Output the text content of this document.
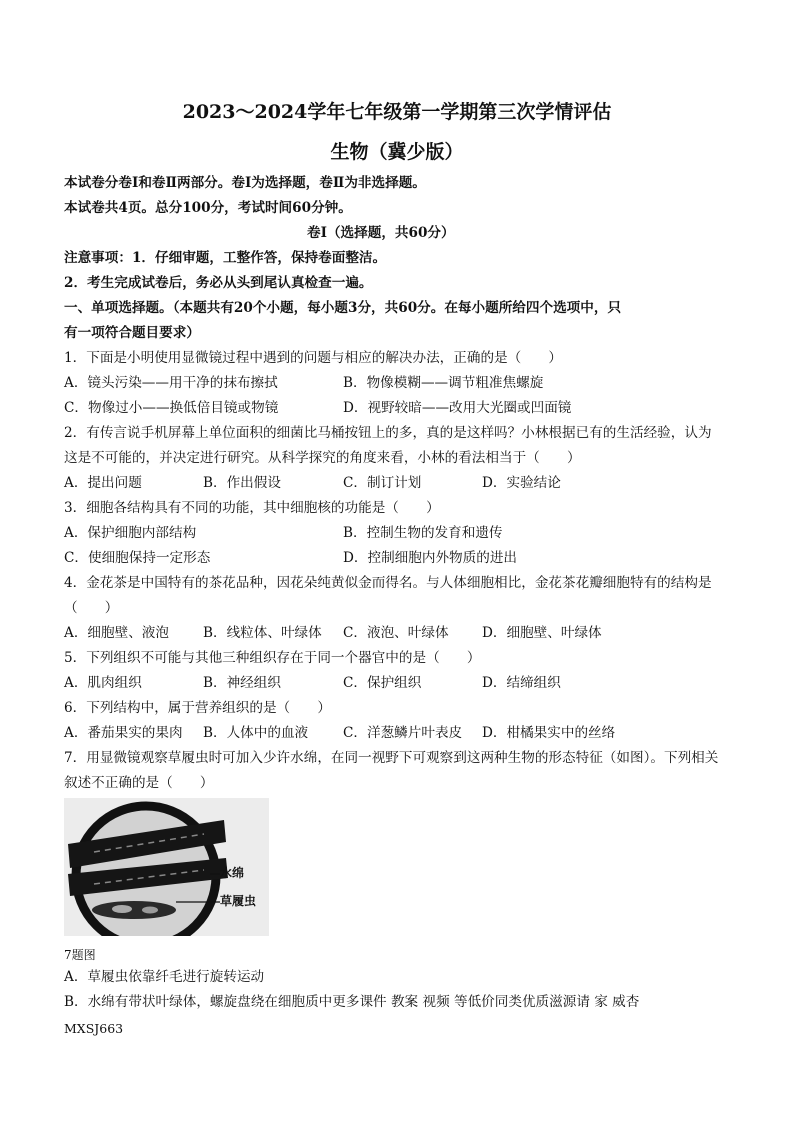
2023～2024学年七年级第一学期第三次学情评估
生物（冀少版）
本试卷分卷Ⅰ和卷Ⅱ两部分。卷Ⅰ为选择题，卷Ⅱ为非选择题。
本试卷共4页。总分100分，考试时间60分钟。
卷Ⅰ（选择题，共60分）
注意事项：1．仔细审题，工整作答，保持卷面整洁。
2．考生完成试卷后，务必从头到尾认真检查一遍。
一、单项选择题。（本题共有20个小题，每小题3分，共60分。在每小题所给四个选项中，只
有一项符合题目要求）
1．下面是小明使用显微镜过程中遇到的问题与相应的解决办法，正确的是（　　）
A．镜头污染——用干净的抹布擦拭	B．物像模糊——调节粗准焦螺旋
C．物像过小——换低倍目镜或物镜	D．视野较暗——改用大光圈或凹面镜
2．有传言说手机屏幕上单位面积的细菌比马桶按钮上的多，真的是这样吗？小林根据已有的生活经验，认为
这是不可能的，并决定进行研究。从科学探究的角度来看，小林的看法相当于（　　）
A．提出问题	B．作出假设	C．制订计划	D．实验结论
3．细胞各结构具有不同的功能，其中细胞核的功能是（　　）
A．保护细胞内部结构	B．控制生物的发育和遗传
C．使细胞保持一定形态	D．控制细胞内外物质的进出
4．金花茶是中国特有的茶花品种，因花朵纯黄似金而得名。与人体细胞相比，金花茶花瓣细胞特有的结构是
（　　）
A．细胞壁、液泡	B．线粒体、叶绿体 C．液泡、叶绿体 D．细胞壁、叶绿体
5．下列组织不可能与其他三种组织存在于同一个器官中的是（　　）
A．肌肉组织	B．神经组织	C．保护组织	D．结缔组织
6．下列结构中，属于营养组织的是（　　）
A．番茄果实的果肉 B．人体中的血液	C．洋葱鳞片叶表皮 D．柑橘果实中的丝络
7．用显微镜观察草履虫时可加入少许水绵，在同一视野下可观察到这两种生物的形态特征（如图）。下列相关
叙述不正确的是（　　）
水绵
草履虫
7题图
A．草履虫依靠纤毛进行旋转运动
B．水绵有带状叶绿体，螺旋盘绕在细胞质中更多课件 教案 视频 等低价同类优质滋源请 家 威杏
MXSJ663
